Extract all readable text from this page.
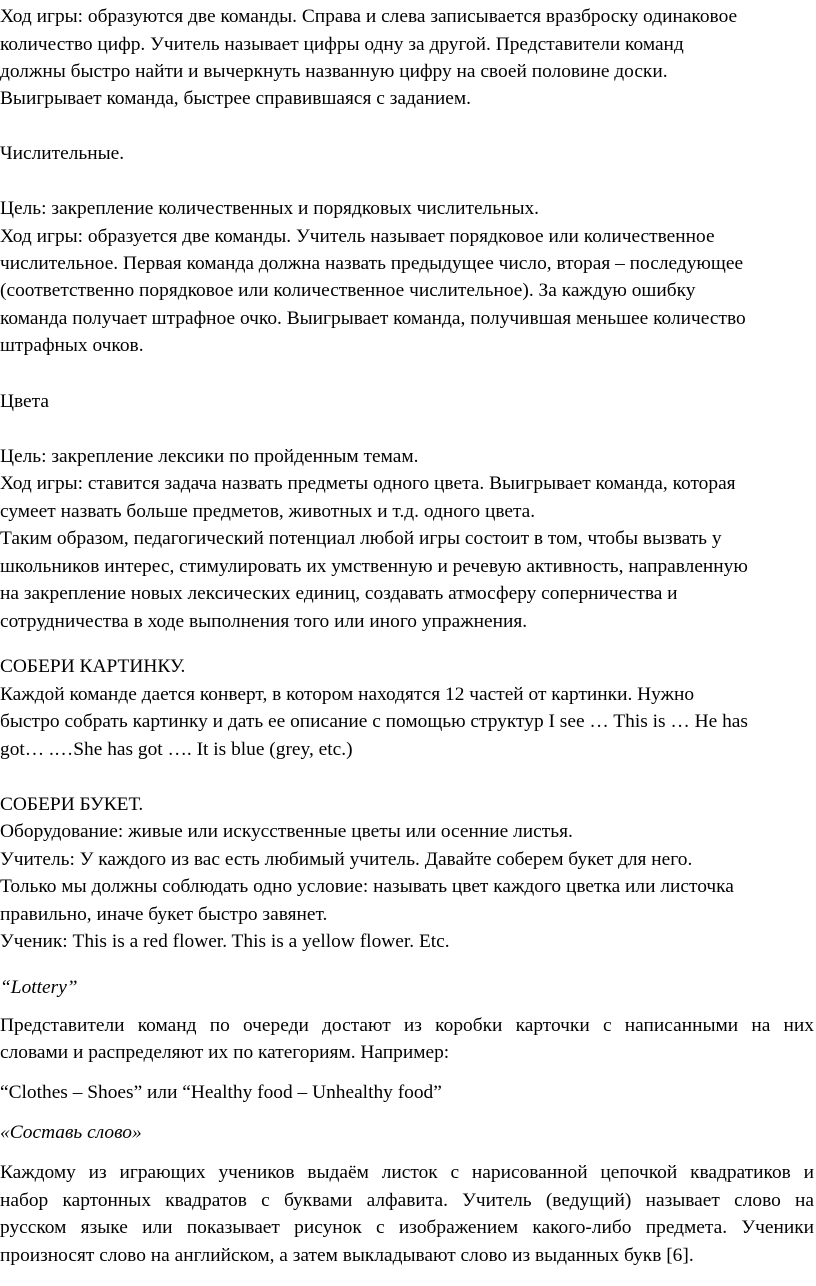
Ход игры: образуются две команды. Справа и слева записывается вразброску одинаковое
количество цифр. Учитель называет цифры одну за другой. Представители команд
должны быстро найти и вычеркнуть названную цифру на своей половине доски.
Выигрывает команда, быстрее справившаяся с заданием.
Числительные.
Цель: закрепление количественных и порядковых числительных.
Ход игры: образуется две команды. Учитель называет порядковое или количественное
числительное. Первая команда должна назвать предыдущее число, вторая – последующее
(соответственно порядковое или количественное числительное). За каждую ошибку
команда получает штрафное очко. Выигрывает команда, получившая меньшее количество
штрафных очков.
Цвета
Цель: закрепление лексики по пройденным темам.
Ход игры: ставится задача назвать предметы одного цвета. Выигрывает команда, которая
сумеет назвать больше предметов, животных и т.д. одного цвета.
Таким образом, педагогический потенциал любой игры состоит в том, чтобы вызвать у
школьников интерес, стимулировать их умственную и речевую активность, направленную
на закрепление новых лексических единиц, создавать атмосферу соперничества и
сотрудничества в ходе выполнения того или иного упражнения.
СОБЕРИ КАРТИНКУ.
Каждой команде дается конверт, в котором находятся 12 частей от картинки. Нужно
быстро собрать картинку и дать ее описание с помощью структур I see … This is … He has
got… .…She has got …. It is blue (grey, etc.)
СОБЕРИ БУКЕТ.
Оборудование: живые или искусственные цветы или осенние листья.
Учитель: У каждого из вас есть любимый учитель. Давайте соберем букет для него.
Только мы должны соблюдать одно условие: называть цвет каждого цветка или листочка
правильно, иначе букет быстро завянет.
Ученик: This is a red flower. This is a yellow flower. Etc.
“Lottery”
Представители команд по очереди достают из коробки карточки с написанными на них
словами и распределяют их по категориям. Например:
“Clothes – Shoes” или “Healthy food – Unhealthy food”
«Составь слово»
Каждому из играющих учеников выдаём листок с нарисованной цепочкой квадратиков и
набор картонных квадратов с буквами алфавита. Учитель (ведущий) называет слово на
русском языке или показывает рисунок с изображением какого-либо предмета. Ученики
произносят слово на английском, а затем выкладывают слово из выданных букв [6].
